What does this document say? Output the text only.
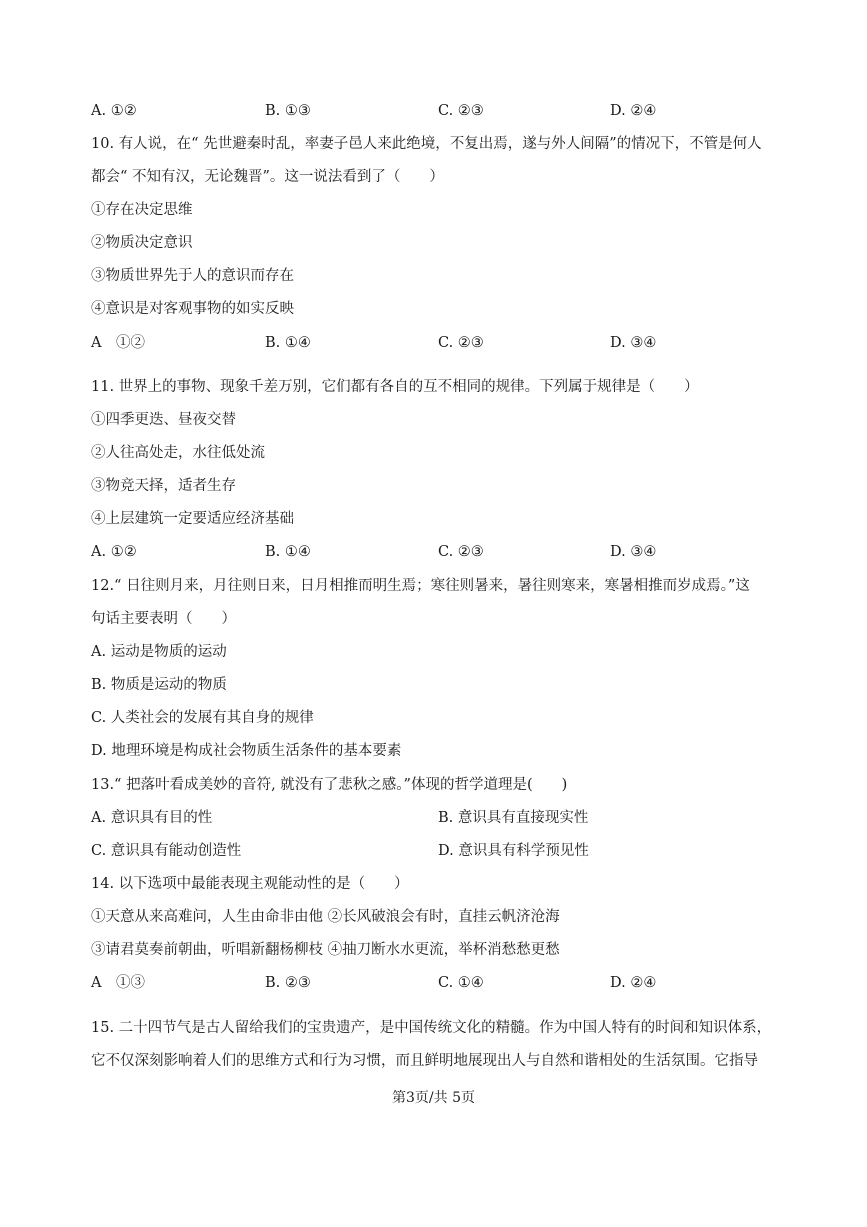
A. ①②	B. ①③	C. ②③	D. ②④
10. 有人说，在“ 先世避秦时乱，率妻子邑人来此绝境，不复出焉，遂与外人间隔”的情况下，不管是何人
都会“ 不知有汉，无论魏晋”。这一说法看到了（　　）
①存在决定思维
②物质决定意识
③物质世界先于人的意识而存在
④意识是对客观事物的如实反映
A　①②	B. ①④	C. ②③	D. ③④
11. 世界上的事物、现象千差万别，它们都有各自的互不相同的规律。下列属于规律是（　　）
①四季更迭、昼夜交替
②人往高处走，水往低处流
③物竞天择，适者生存
④上层建筑一定要适应经济基础
A. ①②	B. ①④	C. ②③	D. ③④
12.“ 日往则月来，月往则日来，日月相推而明生焉；寒往则暑来，暑往则寒来，寒暑相推而岁成焉。”这
句话主要表明（　　）
A. 运动是物质的运动
B. 物质是运动的物质
C. 人类社会的发展有其自身的规律
D. 地理环境是构成社会物质生活条件的基本要素
13.“ 把落叶看成美妙的音符, 就没有了悲秋之感。”体现的哲学道理是(　　)
A. 意识具有目的性	B. 意识具有直接现实性
C. 意识具有能动创造性	D. 意识具有科学预见性
14. 以下选项中最能表现主观能动性的是（　　）
①天意从来高难问，人生由命非由他 ②长风破浪会有时，直挂云帆济沧海
③请君莫奏前朝曲，听唱新翻杨柳枝 ④抽刀断水水更流，举杯消愁愁更愁
A　①③	B. ②③	C. ①④	D. ②④
15. 二十四节气是古人留给我们的宝贵遗产，是中国传统文化的精髓。作为中国人特有的时间和知识体系，
它不仅深刻影响着人们的思维方式和行为习惯，而且鲜明地展现出人与自然和谐相处的生活氛围。它指导
第3页/共 5页
